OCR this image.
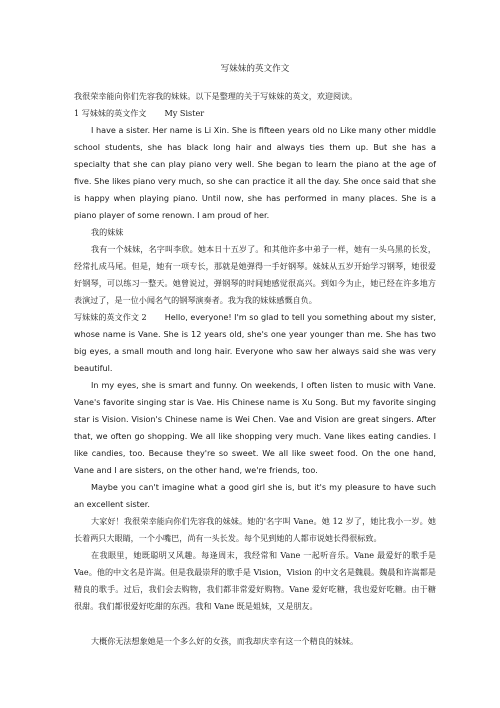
写妹妹的英文作文

我很荣幸能向你们先容我的妹妹。以下是整理的关于写妹妹的英文，欢迎阅读。

1 写妹妹的英文作文 My Sister

I have a sister. Her name is Li Xin. She is fifteen years old no Like many other middle school students, she has black long hair and always ties them up. But she has a specialty that she can play piano very well. She began to learn the piano at the age of five. She likes piano very much, so she can practice it all the day. She once said that she is happy when playing piano. Until now, she has performed in many places. She is a piano player of some renown. I am proud of her.

我的妹妹

我有一个妹妹，名字叫李欣。她本日十五岁了。和其他许多中弟子一样，她有一头乌黑的长发，经常扎成马尾。但是，她有一项专长，那就是她弹得一手好钢琴。妹妹从五岁开始学习钢琴，她很爱好钢琴，可以练习一整天。她曾说过，弹钢琴的时间她感觉很高兴。到如今为止，她已经在许多地方表演过了，是一位小闻名气的钢琴演奏者。我为我的妹妹感慨自负。

写妹妹的英文作文 2 Hello, everyone! I'm so glad to tell you something about my sister, whose name is Vane. She is 12 years old, she's one year younger than me. She has two big eyes, a small mouth and long hair. Everyone who saw her always said she was very beautiful.

In my eyes, she is smart and funny. On weekends, I often listen to music with Vane. Vane's favorite singing star is Vae. His Chinese name is Xu Song. But my favorite singing star is Vision. Vision's Chinese name is Wei Chen. Vae and Vision are great singers. After that, we often go shopping. We all like shopping very much. Vane likes eating candies. I like candies, too. Because they're so sweet. We all like sweet food. On the one hand, Vane and I are sisters, on the other hand, we're friends, too.

Maybe you can't imagine what a good girl she is, but it's my pleasure to have such an excellent sister.

大家好！我很荣幸能向你们先容我的妹妹。她的'名字叫 Vane。她 12 岁了，她比我小一岁。她长着两只大眼睛，一个小嘴巴，尚有一头长发。每个见到她的人都市说她长得很标致。

在我眼里，她既聪明又风趣。每逢周末，我经常和 Vane 一起听音乐。Vane 最爱好的歌手是 Vae。他的中文名是许嵩。但是我最崇拜的歌手是 Vision，Vision 的中文名是魏晨。魏晨和许嵩都是精良的歌手。过后，我们会去购物，我们都非常爱好购物。Vane 爱好吃糖，我也爱好吃糖。由于糖很甜。我们都很爱好吃甜的东西。我和 Vane 既是姐妹，又是朋友。

大概你无法想象她是一个多么好的女孩，而我却庆幸有这一个精良的妹妹。
